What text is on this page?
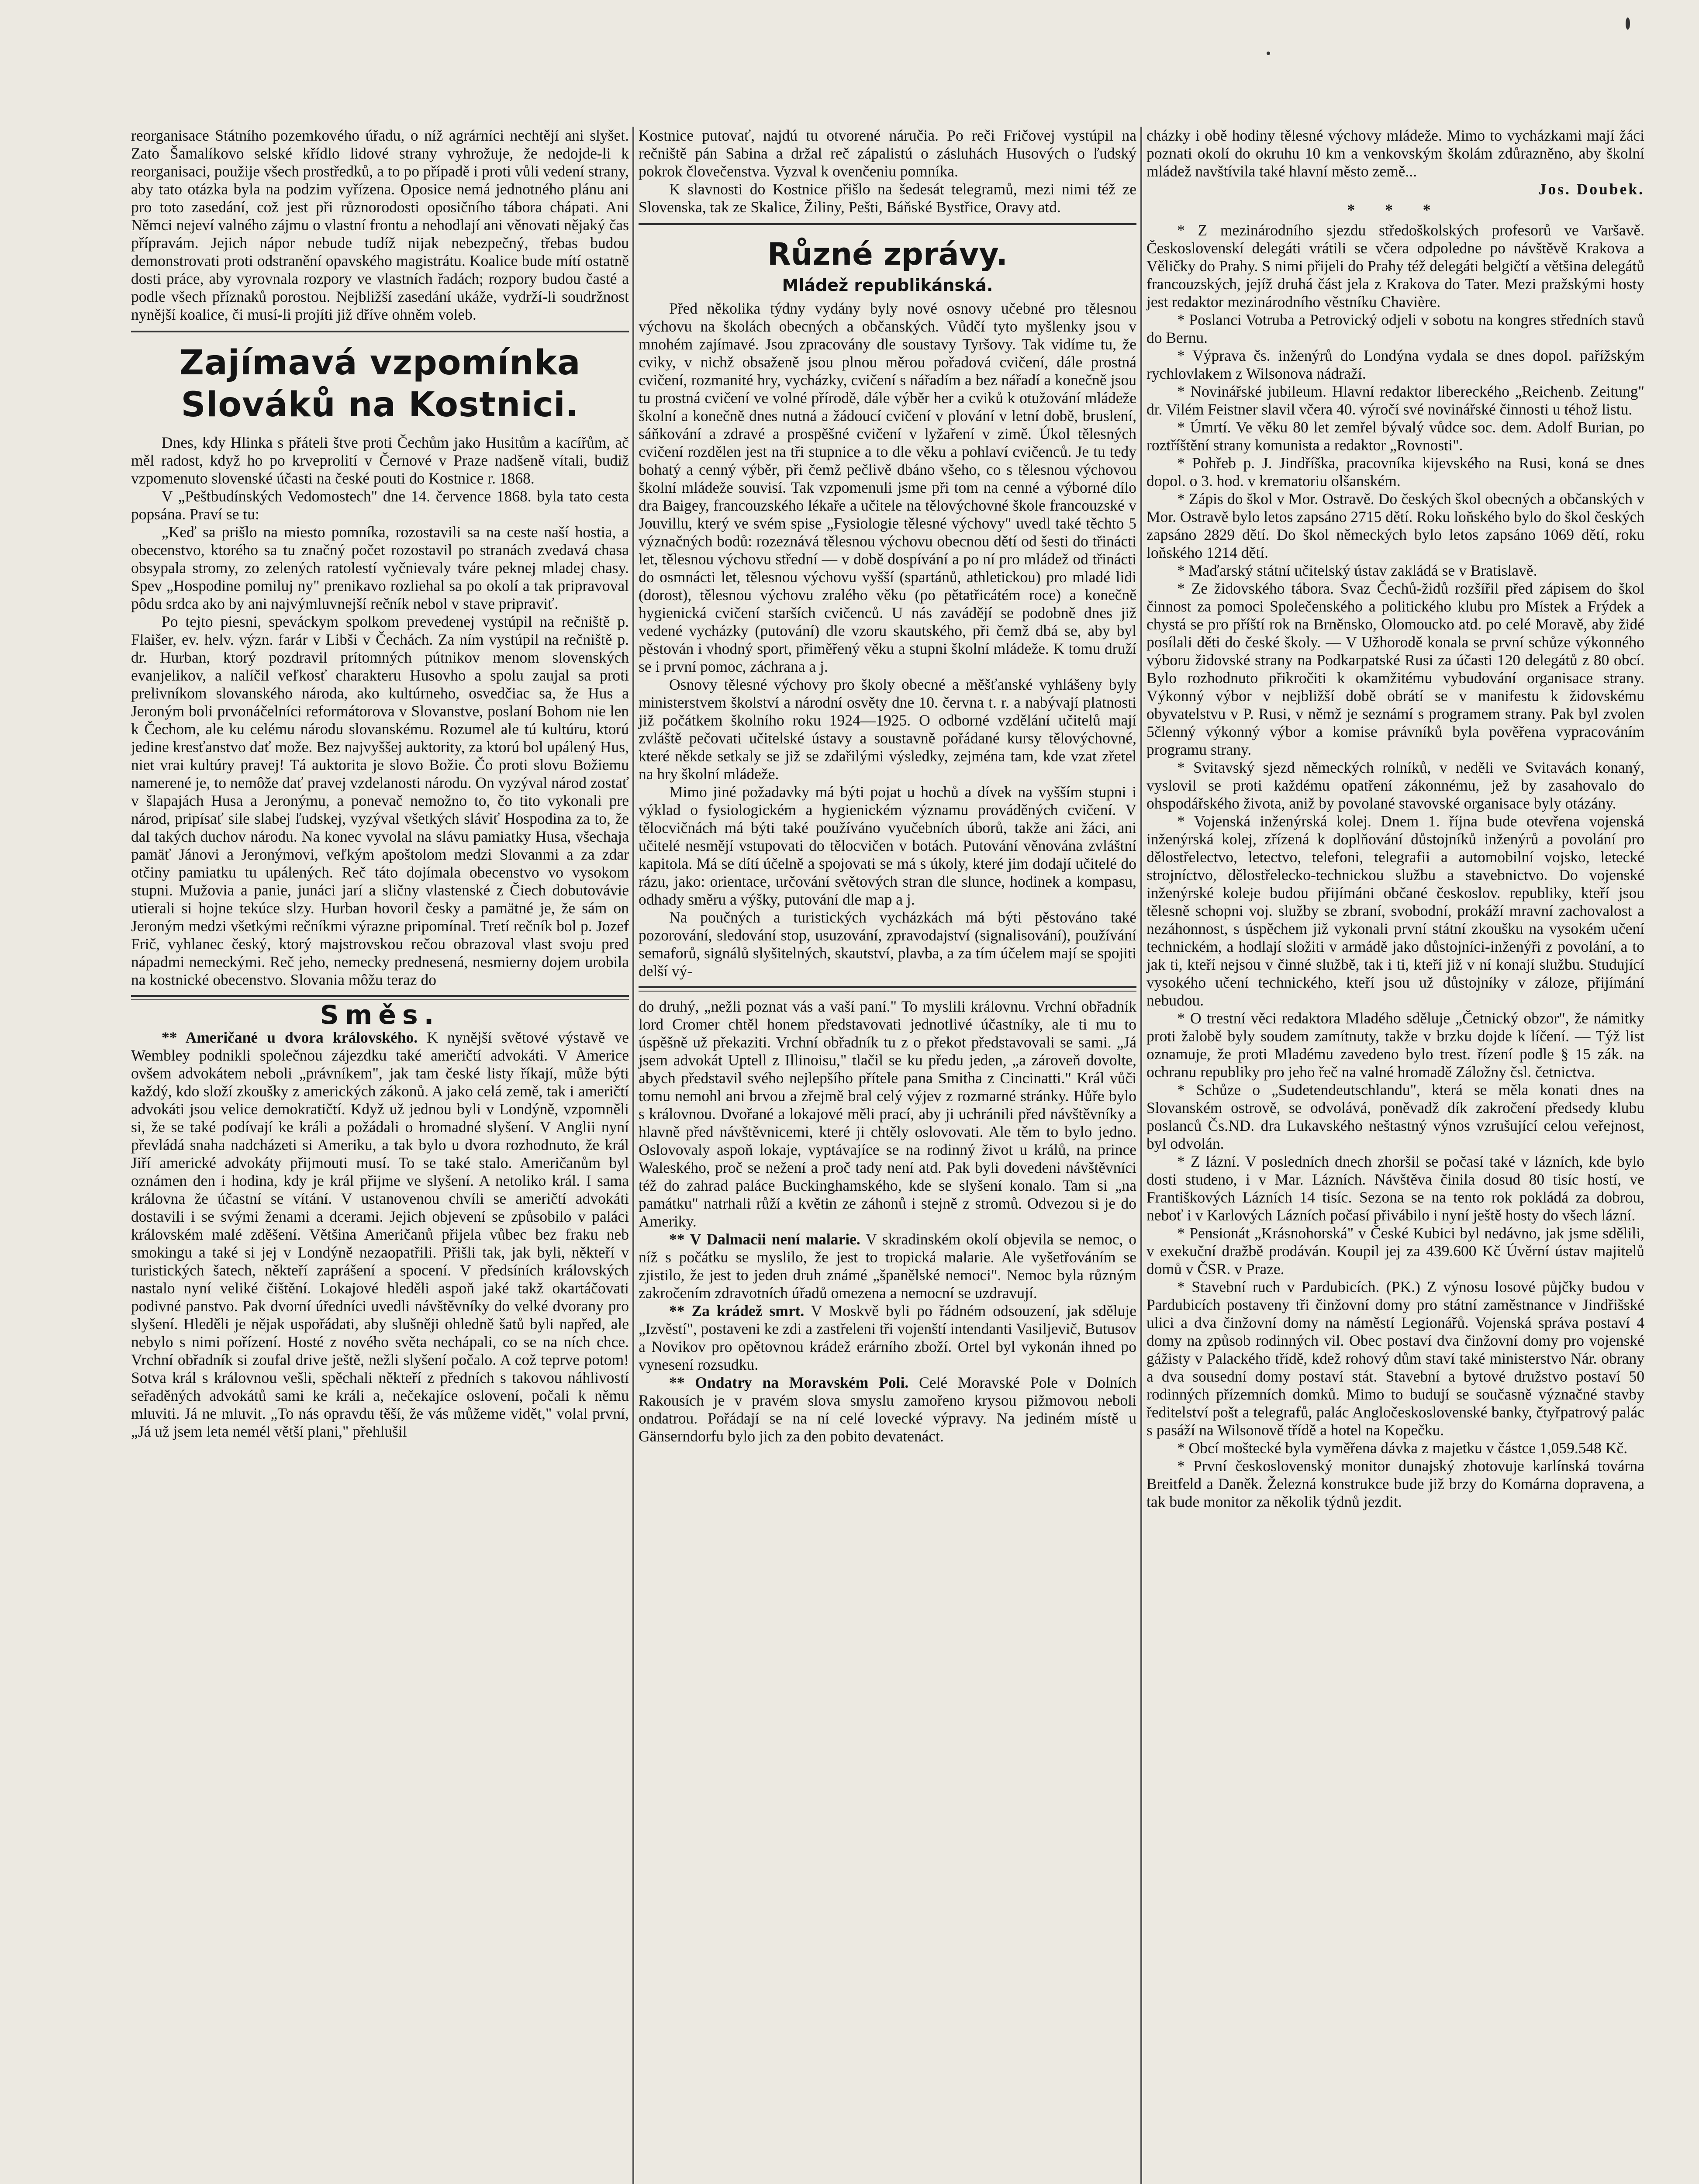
reorganisace Státního pozemkového úřadu, o níž agrárníci nechtějí ani slyšet. Zato Šamalíkovo selské křídlo lidové strany vyhrožuje, že nedojde-li k reorganisaci, použije všech prostředků, a to po případě i proti vůli vedení strany, aby tato otázka byla na podzim vyřízena. Oposice nemá jednotného plánu ani pro toto zasedání, což jest při různorodosti oposičního tábora chápati. Ani Němci nejeví valného zájmu o vlastní frontu a nehodlají ani věnovati nějaký čas přípravám. Jejich nápor nebude tudíž nijak nebezpečný, třebas budou demonstrovati proti odstranění opavského magistrátu. Koalice bude mítí ostatně dosti práce, aby vyrovnala rozpory ve vlastních řadách; rozpory budou časté a podle všech příznaků porostou. Nejbližší zasedání ukáže, vydrží-li soudržnost nynější koalice, či musí-li projíti již dříve ohněm voleb.

Zajímavá vzpomínka Slováků na Kostnici.

Dnes, kdy Hlinka s přáteli štve proti Čechům jako Husitům a kacířům, ač měl radost, když ho po krveprolití v Černové v Praze nadšeně vítali, budiž vzpomenuto slovenské účasti na české pouti do Kostnice r. 1868.

V „Peštbudínských Vedomostech" dne 14. července 1868. byla tato cesta popsána. Praví se tu:

„Keď sa prišlo na miesto pomníka, rozostavili sa na ceste naší hostia, a obecenstvo, ktorého sa tu značný počet rozostavil po stranách zvedavá chasa obsypala stromy, zo zelených ratolestí vyčnievaly tváre peknej mladej chasy. Spev „Hospodine pomiluj ny" prenikavo rozliehal sa po okolí a tak pripravoval pôdu srdca ako by ani najvýmluvnejší rečník nebol v stave pripraviť.

Po tejto piesni, speváckym spolkom prevedenej vystúpil na rečniště p. Flaišer, ev. helv. význ. farár v Libši v Čechách. Za ním vystúpil na rečniště p. dr. Hurban, ktorý pozdravil prítomných pútnikov menom slovenských evanjelikov, a nalíčil veľkosť charakteru Husovho a spolu zaujal sa proti prelivníkom slovanského národa, ako kultúrneho, osvedčiac sa, že Hus a Jeroným boli prvonáčelníci reformátorova v Slovanstve, poslaní Bohom nie len k Čechom, ale ku celému národu slovanskému. Rozumel ale tú kultúru, ktorú jedine kresťanstvo dať može. Bez najvyššej auktority, za ktorú bol upálený Hus, niet vrai kultúry pravej! Tá auktorita je slovo Božie. Čo proti slovu Božiemu namerené je, to nemôže dať pravej vzdelanosti národu. On vyzýval národ zostať v šlapajách Husa a Jeronýmu, a ponevač nemožno to, čo tito vykonali pre národ, pripísať sile slabej ľudskej, vyzýval všetkých sláviť Hospodina za to, že dal takých duchov národu. Na konec vyvolal na slávu pamiatky Husa, všechaja pamäť Jánovi a Jeronýmovi, veľkým apoštolom medzi Slovanmi a za zdar otčiny pamiatku tu upálených. Reč táto dojímala obecenstvo vo vysokom stupni. Mužovia a panie, junáci jarí a sličny vlastenské z Čiech dobutovávie utierali si hojne tekúce slzy. Hurban hovoril česky a pamätné je, že sám on Jeroným medzi všetkými rečníkmi výrazne pripomínal. Tretí rečník bol p. Jozef Frič, vyhlanec český, ktorý majstrovskou rečou obrazoval vlast svoju pred nápadmi nemeckými. Reč jeho, nemecky prednesená, nesmierny dojem urobila na kostnické obecenstvo. Slovania môžu teraz do

Směs.

** Američané u dvora královského. K nynější světové výstavě ve Wembley podnikli společnou zájezdku také američtí advokáti. V Americe ovšem advokátem neboli „právníkem", jak tam české listy říkají, může býti každý, kdo složí zkoušky z amerických zákonů. A jako celá země, tak i američtí advokáti jsou velice demokratičtí. Když už jednou byli v Londýně, vzpomněli si, že se také podívají ke králi a požádali o hromadné slyšení. V Anglii nyní převládá snaha nadcházeti si Ameriku, a tak bylo u dvora rozhodnuto, že král Jiří americké advokáty přijmouti musí. To se také stalo. Američanům byl oznámen den i hodina, kdy je král přijme ve slyšení. A netoliko král. I sama královna že účastní se vítání. V ustanovenou chvíli se američtí advokáti dostavili i se svými ženami a dcerami. Jejich objevení se způsobilo v paláci královském malé zděšení. Většina Američanů přijela vůbec bez fraku neb smokingu a také si jej v Londýně nezaopatřili. Přišli tak, jak byli, někteří v turistických šatech, někteří zaprášení a spocení. V předsíních královských nastalo nyní veliké čištění. Lokajové hleděli aspoň jaké takž okartáčovati podivné panstvo. Pak dvorní úředníci uvedli návštěvníky do velké dvorany pro slyšení. Hleděli je nějak uspořádati, aby slušněji ohledně šatů byli napřed, ale nebylo s nimi pořízení. Hosté z nového světa nechápali, co se na ních chce. Vrchní obřadník si zoufal drive ještě, nežli slyšení počalo. A což teprve potom! Sotva král s královnou vešli, spěchali někteří z předních s takovou náhlivostí seřaděných advokátů sami ke králi a, nečekajíce oslovení, počali k němu mluviti. Já ne mluvit. „To nás opravdu těší, že vás můžeme vidět," volal první, „Já už jsem leta nemél větší plani," přehlušil

Kostnice putovať, najdú tu otvorené náručia. Po reči Fričovej vystúpil na rečniště pán Sabina a držal reč zápalistú o zásluhách Husových o ľudský pokrok človečenstva. Vyzval k ovenčeniu pomníka.

K slavnosti do Kostnice přišlo na šedesát telegramů, mezi nimi též ze Slovenska, tak ze Skalice, Žiliny, Pešti, Báňské Bystřice, Oravy atd.

Různé zprávy.
Mládež republikánská.

Před několika týdny vydány byly nové osnovy učebné pro tělesnou výchovu na školách obecných a občanských. Vůdčí tyto myšlenky jsou v mnohém zajímavé. Jsou zpracovány dle soustavy Tyršovy. Tak vidíme tu, že cviky, v nichž obsaženě jsou plnou měrou pořadová cvičení, dále prostná cvičení, rozmanité hry, vycházky, cvičení s nářadím a bez nářadí a konečně jsou tu prostná cvičení ve volné přírodě, dále výběr her a cviků k otužování mládeže školní a konečně dnes nutná a žádoucí cvičení v plování v letní době, bruslení, sáňkování a zdravé a prospěšné cvičení v lyžaření v zimě. Úkol tělesných cvičení rozdělen jest na tři stupnice a to dle věku a pohlaví cvičenců. Je tu tedy bohatý a cenný výběr, při čemž pečlivě dbáno všeho, co s tělesnou výchovou školní mládeže souvisí. Tak vzpomenuli jsme při tom na cenné a výborné dílo dra Baigey, francouzského lékaře a učitele na tělovýchovné škole francouzské v Jouvillu, který ve svém spise „Fysiologie tělesné výchovy" uvedl také těchto 5 význačných bodů: rozeznává tělesnou výchovu obecnou dětí od šesti do třinácti let, tělesnou výchovu střední — v době dospívání a po ní pro mládež od třinácti do osmnácti let, tělesnou výchovu vyšší (spartánů, athletickou) pro mladé lidi (dorost), tělesnou výchovu zralého věku (po pětatřicátém roce) a konečně hygienická cvičení starších cvičenců. U nás zavádějí se podobně dnes již vedené vycházky (putování) dle vzoru skautského, při čemž dbá se, aby byl pěstován i vhodný sport, přiměřený věku a stupni školní mládeže. K tomu druží se i první pomoc, záchrana a j.

Osnovy tělesné výchovy pro školy obecné a měšťanské vyhlášeny byly ministerstvem školství a národní osvěty dne 10. června t. r. a nabývají platnosti již počátkem školního roku 1924—1925. O odborné vzdělání učitelů mají zvláště pečovati učitelské ústavy a soustavně pořádané kursy tělovýchovné, které někde setkaly se již se zdařilými výsledky, zejména tam, kde vzat zřetel na hry školní mládeže.

Mimo jiné požadavky má býti pojat u hochů a dívek na vyšším stupni i výklad o fysiologickém a hygienickém významu prováděných cvičení. V tělocvičnách má býti také používáno vyučebních úborů, takže ani žáci, ani učitelé nesmějí vstupovati do tělocvičen v botách. Putování věnována zvláštní kapitola. Má se dítí účelně a spojovati se má s úkoly, které jim dodají učitelé do rázu, jako: orientace, určování světových stran dle slunce, hodinek a kompasu, odhady směru a výšky, putování dle map a j.

Na poučných a turistických vycházkách má býti pěstováno také pozorování, sledování stop, usuzování, zpravodajství (signalisování), používání semaforů, signálů slyšitelných, skautství, plavba, a za tím účelem mají se spojiti delší vý-

do druhý, „nežli poznat vás a vaší paní." To myslili královnu. Vrchní obřadník lord Cromer chtěl honem představovati jednotlivé účastníky, ale ti mu to úspěšně už překaziti. Vrchní obřadník tu z o překot představovali se sami. „Já jsem advokát Uptell z Illinoisu," tlačil se ku předu jeden, „a zároveň dovolte, abych představil svého nejlepšího přítele pana Smitha z Cincinatti." Král vůči tomu nemohl ani brvou a zřejmě bral celý výjev z rozmarné stránky. Hůře bylo s královnou. Dvořané a lokajové měli prací, aby ji uchránili před návštěvníky a hlavně před návštěvnicemi, které ji chtěly oslovovati. Ale těm to bylo jedno. Oslovovaly aspoň lokaje, vyptávajíce se na rodinný život u králů, na prince Waleského, proč se nežení a proč tady není atd. Pak byli dovedeni návštěvníci též do zahrad paláce Buckinghamského, kde se slyšení konalo. Tam si „na památku" natrhali růží a květin ze záhonů i stejně z stromů. Odvezou si je do Ameriky.

** V Dalmacii není malarie. V skradinském okolí objevila se nemoc, o níž s počátku se myslilo, že jest to tropická malarie. Ale vyšetřováním se zjistilo, že jest to jeden druh známé „španělské nemoci". Nemoc byla různým zakročením zdravotních úřadů omezena a nemocní se uzdravují.

** Za krádež smrt. V Moskvě byli po řádném odsouzení, jak sděluje „Izvěstí", postaveni ke zdi a zastřeleni tři vojenští intendanti Vasiljevič, Butusov a Novikov pro opětovnou krádež erárního zboží. Ortel byl vykonán ihned po vynesení rozsudku.

** Ondatry na Moravském Poli. Celé Moravské Pole v Dolních Rakousích je v pravém slova smyslu zamořeno krysou pižmovou neboli ondatrou. Pořádají se na ní celé lovecké výpravy. Na jediném místě u Gänserndorfu bylo jich za den pobito devatenáct.

cházky i obě hodiny tělesné výchovy mládeže. Mimo to vycházkami mají žáci poznati okolí do okruhu 10 km a venkovským školám zdůrazněno, aby školní mládež navštívila také hlavní město země...

Jos. Doubek.

* * *

* Z mezinárodního sjezdu středoškolských profesorů ve Varšavě. Československí delegáti vrátili se včera odpoledne po návštěvě Krakova a Věličky do Prahy. S nimi přijeli do Prahy též delegáti belgičtí a většina delegátů francouzských, jejíž druhá část jela z Krakova do Tater. Mezi pražskými hosty jest redaktor mezinárodního věstníku Chavière.

* Poslanci Votruba a Petrovický odjeli v sobotu na kongres středních stavů do Bernu.

* Výprava čs. inženýrů do Londýna vydala se dnes dopol. pařížským rychlovlakem z Wilsonova nádraží.

* Novinářské jubileum. Hlavní redaktor libereckého „Reichenb. Zeitung" dr. Vilém Feistner slavil včera 40. výročí své novinářské činnosti u téhož listu.

* Úmrtí. Ve věku 80 let zemřel bývalý vůdce soc. dem. Adolf Burian, po roztříštění strany komunista a redaktor „Rovnosti".

* Pohřeb p. J. Jindříška, pracovníka kijevského na Rusi, koná se dnes dopol. o 3. hod. v krematoriu olšanském.

* Zápis do škol v Mor. Ostravě. Do českých škol obecných a občanských v Mor. Ostravě bylo letos zapsáno 2715 dětí. Roku loňského bylo do škol českých zapsáno 2829 dětí. Do škol německých bylo letos zapsáno 1069 dětí, roku loňského 1214 dětí.

* Maďarský státní učitelský ústav zakládá se v Bratislavě.

* Ze židovského tábora. Svaz Čechů-židů rozšířil před zápisem do škol činnost za pomoci Společenského a politického klubu pro Místek a Frýdek a chystá se pro příští rok na Brněnsko, Olomoucko atd. po celé Moravě, aby židé posílali děti do české školy. — V Užhorodě konala se první schůze výkonného výboru židovské strany na Podkarpatské Rusi za účasti 120 delegátů z 80 obcí. Bylo rozhodnuto přikročiti k okamžitému vybudování organisace strany. Výkonný výbor v nejbližší době obrátí se v manifestu k židovskému obyvatelstvu v P. Rusi, v němž je seznámí s programem strany. Pak byl zvolen 5členný výkonný výbor a komise právníků byla pověřena vypracováním programu strany.

* Svitavský sjezd německých rolníků, v neděli ve Svitavách konaný, vyslovil se proti každému opatření zákonnému, jež by zasahovalo do ohspodářského života, aniž by povolané stavovské organisace byly otázány.

* Vojenská inženýrská kolej. Dnem 1. října bude otevřena vojenská inženýrská kolej, zřízená k doplňování důstojníků inženýrů a povolání pro dělostřelectvo, letectvo, telefoni, telegrafii a automobilní vojsko, letecké strojníctvo, dělostřelecko-technickou službu a stavebnictvo. Do vojenské inženýrské koleje budou přijímáni občané českoslov. republiky, kteří jsou tělesně schopni voj. služby se zbraní, svobodní, prokáží mravní zachovalost a nezáhonnost, s úspěchem již vykonali první státní zkoušku na vysokém učení technickém, a hodlají složiti v armádě jako důstojníci-inženýři z povolání, a to jak ti, kteří nejsou v činné službě, tak i ti, kteří již v ní konají službu. Studující vysokého učení technického, kteří jsou už důstojníky v záloze, přijímání nebudou.

* O trestní věci redaktora Mladého sděluje „Četnický obzor", že námitky proti žalobě byly soudem zamítnuty, takže v brzku dojde k líčení. — Týž list oznamuje, že proti Mladému zavedeno bylo trest. řízení podle § 15 zák. na ochranu republiky pro jeho řeč na valné hromadě Záložny čsl. četnictva.

* Schůze o „Sudetendeutschlandu", která se měla konati dnes na Slovanském ostrově, se odvolává, poněvadž dík zakročení předsedy klubu poslanců Čs.ND. dra Lukavského neštastný výnos vzrušující celou veřejnost, byl odvolán.

* Z lázní. V posledních dnech zhoršil se počasí také v lázních, kde bylo dosti studeno, i v Mar. Lázních. Návštěva činila dosud 80 tisíc hostí, ve Františkových Lázních 14 tisíc. Sezona se na tento rok pokládá za dobrou, neboť i v Karlových Lázních počasí přivábilo i nyní ještě hosty do všech lázní.

* Pensionát „Krásnohorská" v České Kubici byl nedávno, jak jsme sdělili, v exekuční dražbě prodáván. Koupil jej za 439.600 Kč Úvěrní ústav majitelů domů v ČSR. v Praze.

* Stavební ruch v Pardubicích. (PK.) Z výnosu losové půjčky budou v Pardubicích postaveny tři činžovní domy pro státní zaměstnance v Jindřišské ulici a dva činžovní domy na náměstí Legionářů. Vojenská správa postaví 4 domy na způsob rodinných vil. Obec postaví dva činžovní domy pro vojenské gážisty v Palackého třídě, kdež rohový dům staví také ministerstvo Nár. obrany a dva sousední domy postaví stát. Stavební a bytové družstvo postaví 50 rodinných přízemních domků. Mimo to budují se současně význačné stavby ředitelství pošt a telegrafů, palác Angločeskoslovenské banky, čtyřpatrový palác s pasáží na Wilsonově třídě a hotel na Kopečku.

* Obcí moštecké byla vyměřena dávka z majetku v částce 1,059.548 Kč.

* První československý monitor dunajský zhotovuje karlínská továrna Breitfeld a Daněk. Železná konstrukce bude již brzy do Komárna dopravena, a tak bude monitor za několik týdnů jezdit.
